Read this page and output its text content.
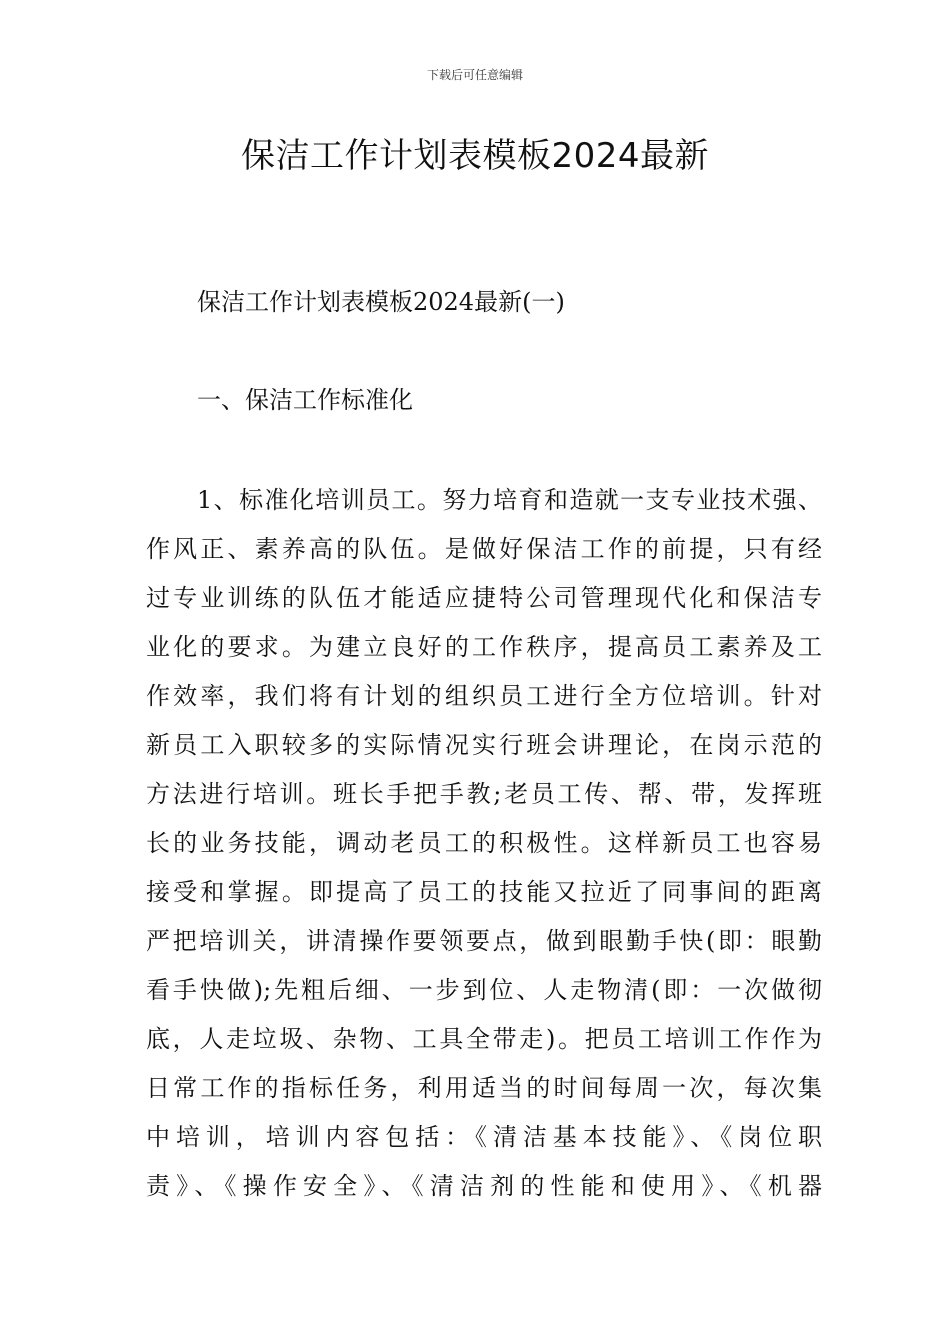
下载后可任意编辑
保洁工作计划表模板2024最新

保洁工作计划表模板2024最新(一)

一、保洁工作标准化

1、标准化培训员工。努力培育和造就一支专业技术强、
作风正、素养高的队伍。是做好保洁工作的前提，只有经
过专业训练的队伍才能适应捷特公司管理现代化和保洁专
业化的要求。为建立良好的工作秩序，提高员工素养及工
作效率，我们将有计划的组织员工进行全方位培训。针对
新员工入职较多的实际情况实行班会讲理论，在岗示范的
方法进行培训。班长手把手教;老员工传、帮、带，发挥班
长的业务技能，调动老员工的积极性。这样新员工也容易
接受和掌握。即提高了员工的技能又拉近了同事间的距离
严把培训关，讲清操作要领要点，做到眼勤手快(即：眼勤
看手快做);先粗后细、一步到位、人走物清(即：一次做彻
底，人走垃圾、杂物、工具全带走)。把员工培训工作作为
日常工作的指标任务，利用适当的时间每周一次，每次集
中培训，培训内容包括：《清洁基本技能》、《岗位职
责》、《操作安全》、《清洁剂的性能和使用》、《机器
